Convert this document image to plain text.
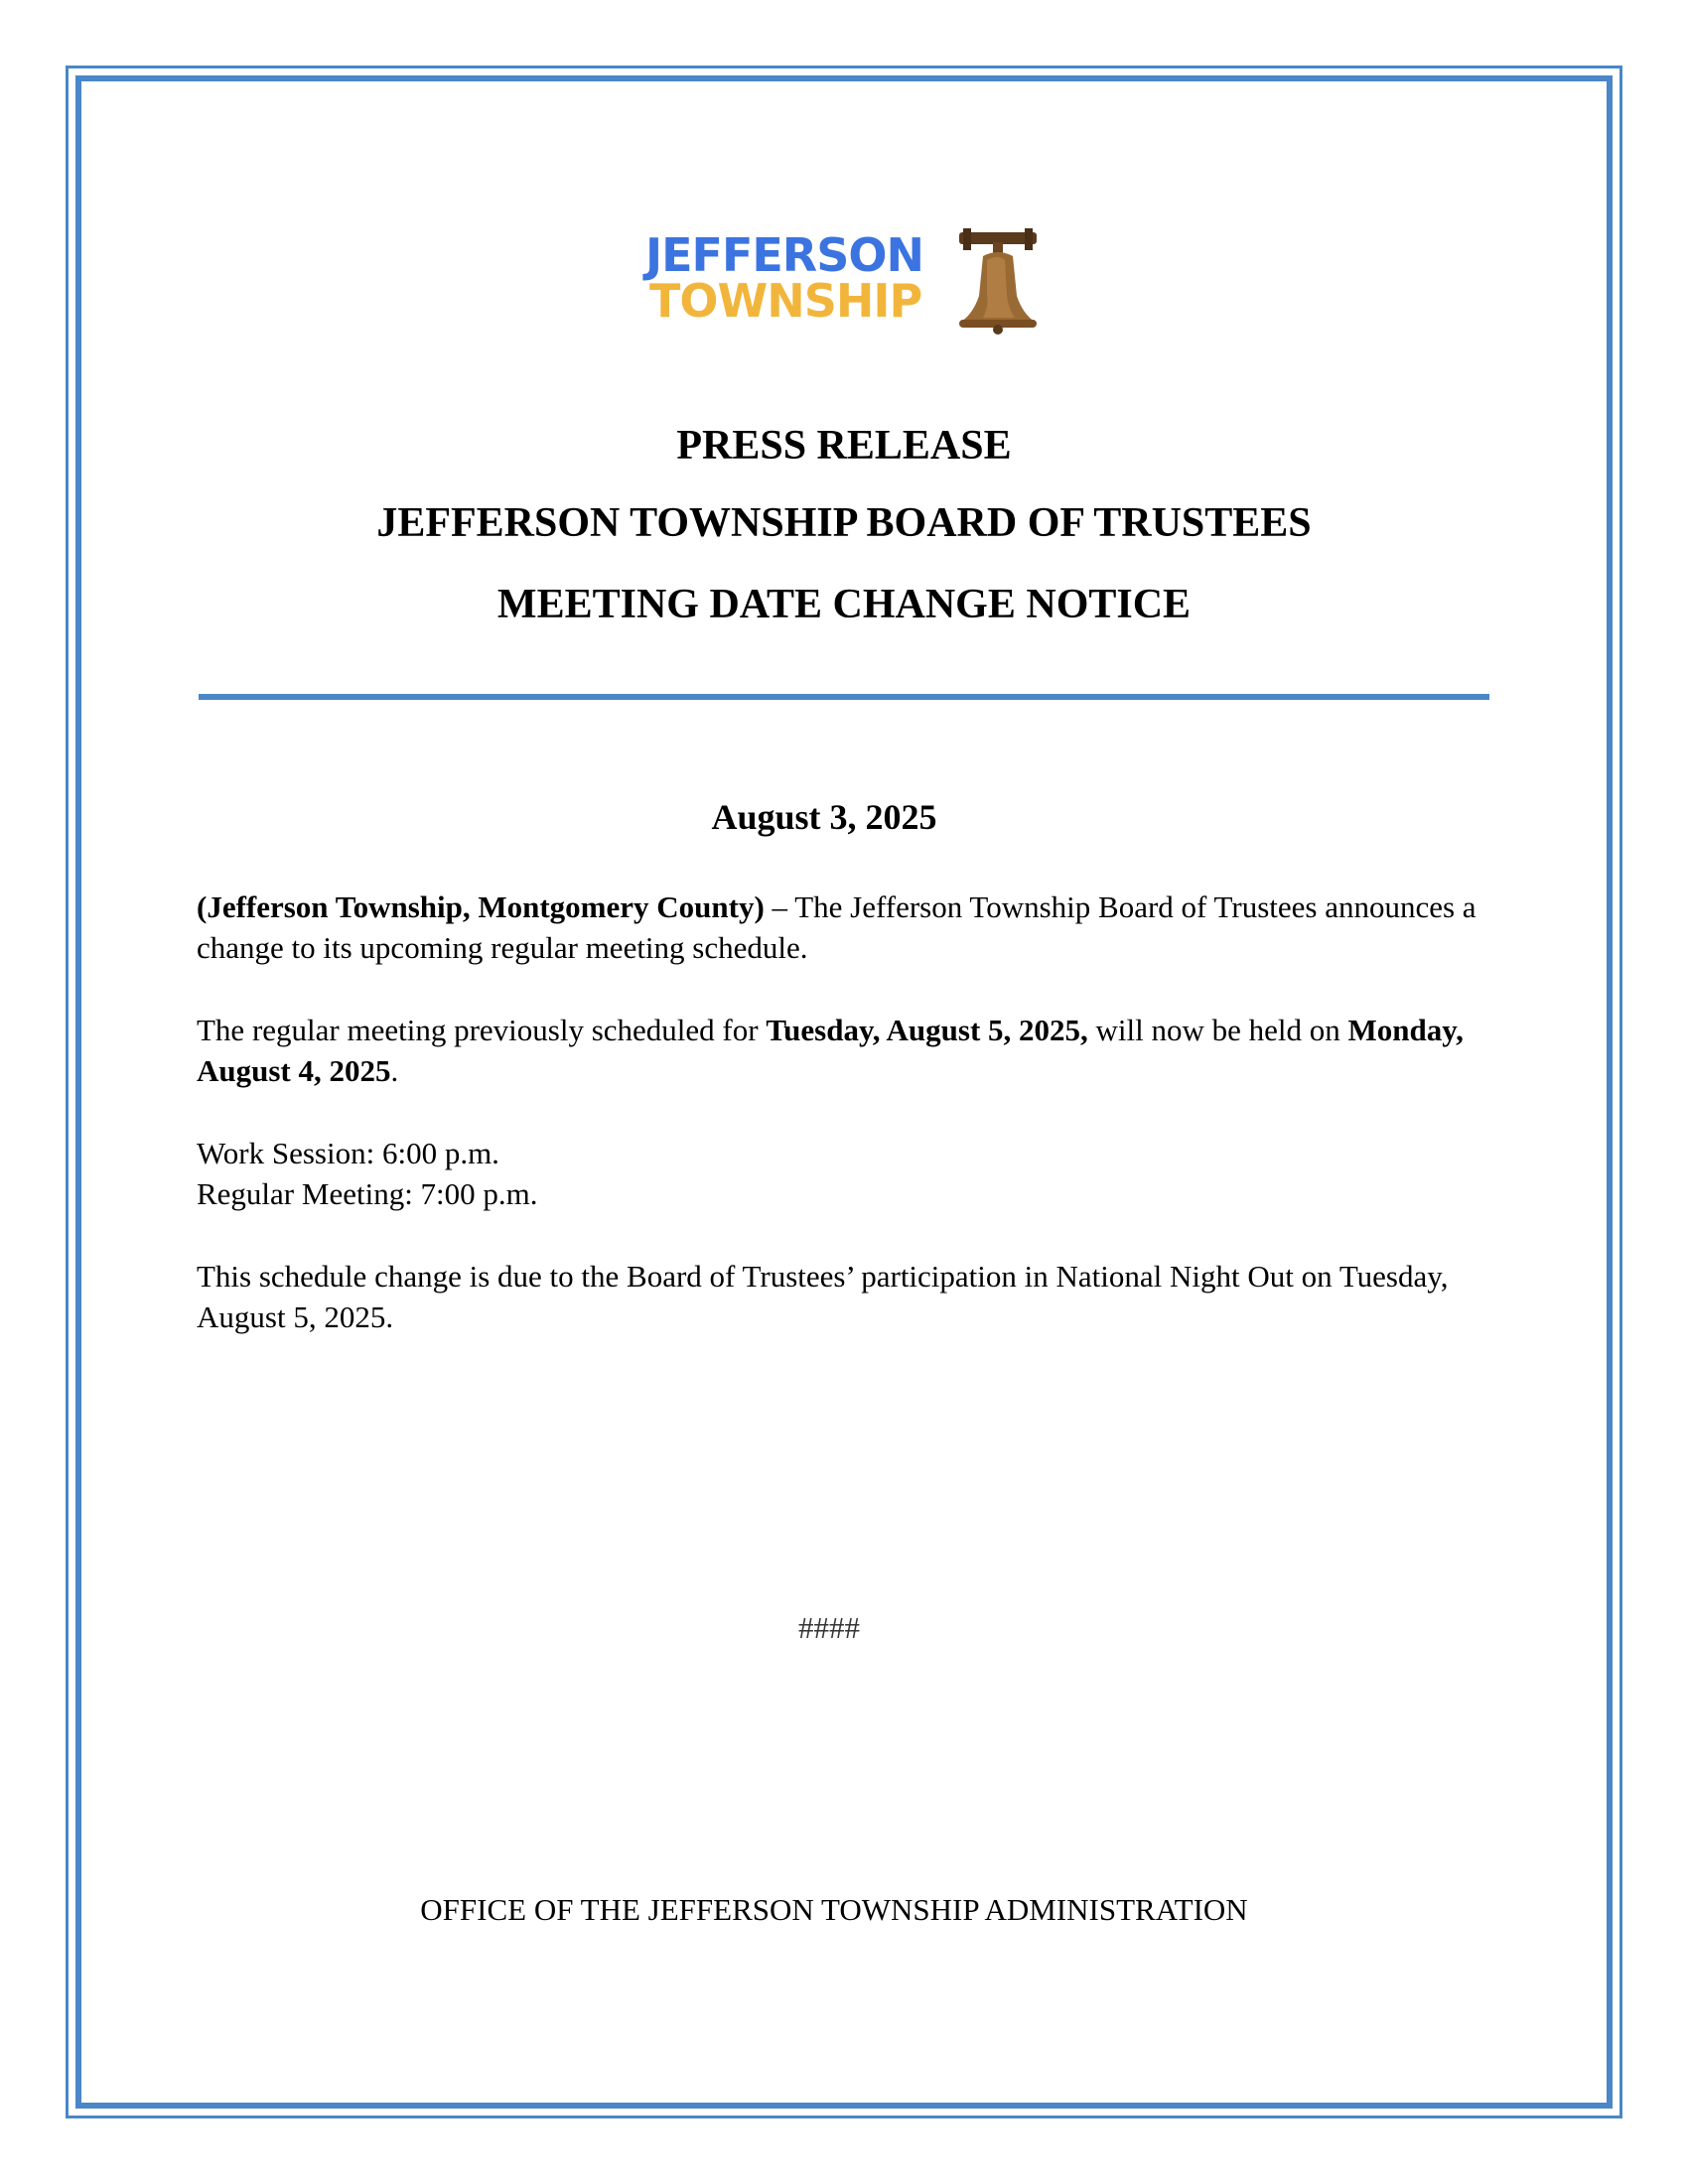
JEFFERSON
TOWNSHIP
PRESS RELEASE
JEFFERSON TOWNSHIP BOARD OF TRUSTEES
MEETING DATE CHANGE NOTICE
August 3, 2025
(Jefferson Township, Montgomery County) – The Jefferson Township Board of Trustees announces a change to its upcoming regular meeting schedule.
The regular meeting previously scheduled for Tuesday, August 5, 2025, will now be held on Monday, August 4, 2025.
Work Session: 6:00 p.m.
Regular Meeting: 7:00 p.m.
This schedule change is due to the Board of Trustees’ participation in National Night Out on Tuesday, August 5, 2025.
####
OFFICE OF THE JEFFERSON TOWNSHIP ADMINISTRATION
